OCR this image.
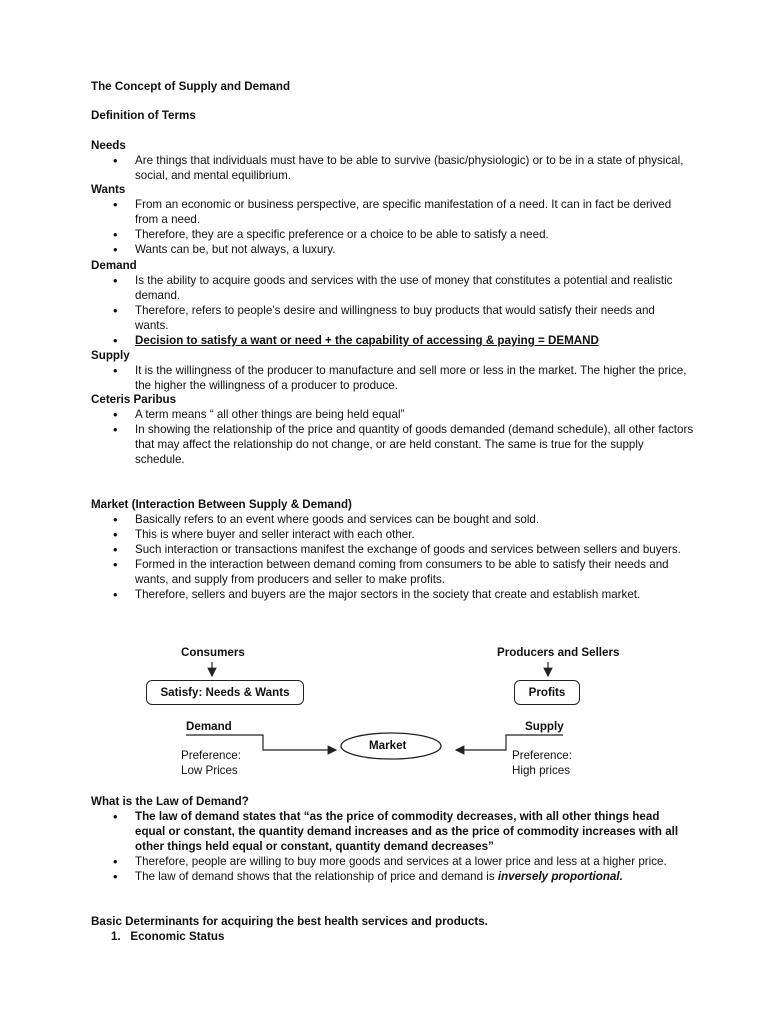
The Concept of Supply and Demand
Definition of Terms
Needs
• Are things that individuals must have to be able to survive (basic/physiologic) or to be in a state of physical, social, and mental equilibrium.
Wants
• From an economic or business perspective, are specific manifestation of a need. It can in fact be derived from a need.
• Therefore, they are a specific preference or a choice to be able to satisfy a need.
• Wants can be, but not always, a luxury.
Demand
• Is the ability to acquire goods and services with the use of money that constitutes a potential and realistic demand.
• Therefore, refers to people’s desire and willingness to buy products that would satisfy their needs and wants.
• Decision to satisfy a want or need + the capability of accessing & paying = DEMAND
Supply
• It is the willingness of the producer to manufacture and sell more or less in the market. The higher the price, the higher the willingness of a producer to produce.
Ceteris Paribus
• A term means “ all other things are being held equal”
• In showing the relationship of the price and quantity of goods demanded (demand schedule), all other factors that may affect the relationship do not change, or are held constant. The same is true for the supply schedule.
Market (Interaction Between Supply & Demand)
• Basically refers to an event where goods and services can be bought and sold.
• This is where buyer and seller interact with each other.
• Such interaction or transactions manifest the exchange of goods and services between sellers and buyers.
• Formed in the interaction between demand coming from consumers to be able to satisfy their needs and wants, and supply from producers and seller to make profits.
• Therefore, sellers and buyers are the major sectors in the society that create and establish market.
Consumers	Producers and Sellers
Satisfy: Needs & Wants	Profits
Demand	Supply
Market
Preference:
Low Prices
Preference:
High prices
What is the Law of Demand?
• The law of demand states that “as the price of commodity decreases, with all other things head equal or constant, the quantity demand increases and as the price of commodity increases with all other things held equal or constant, quantity demand decreases”
• Therefore, people are willing to buy more goods and services at a lower price and less at a higher price.
• The law of demand shows that the relationship of price and demand is inversely proportional.
Basic Determinants for acquiring the best health services and products.
1.   Economic Status
